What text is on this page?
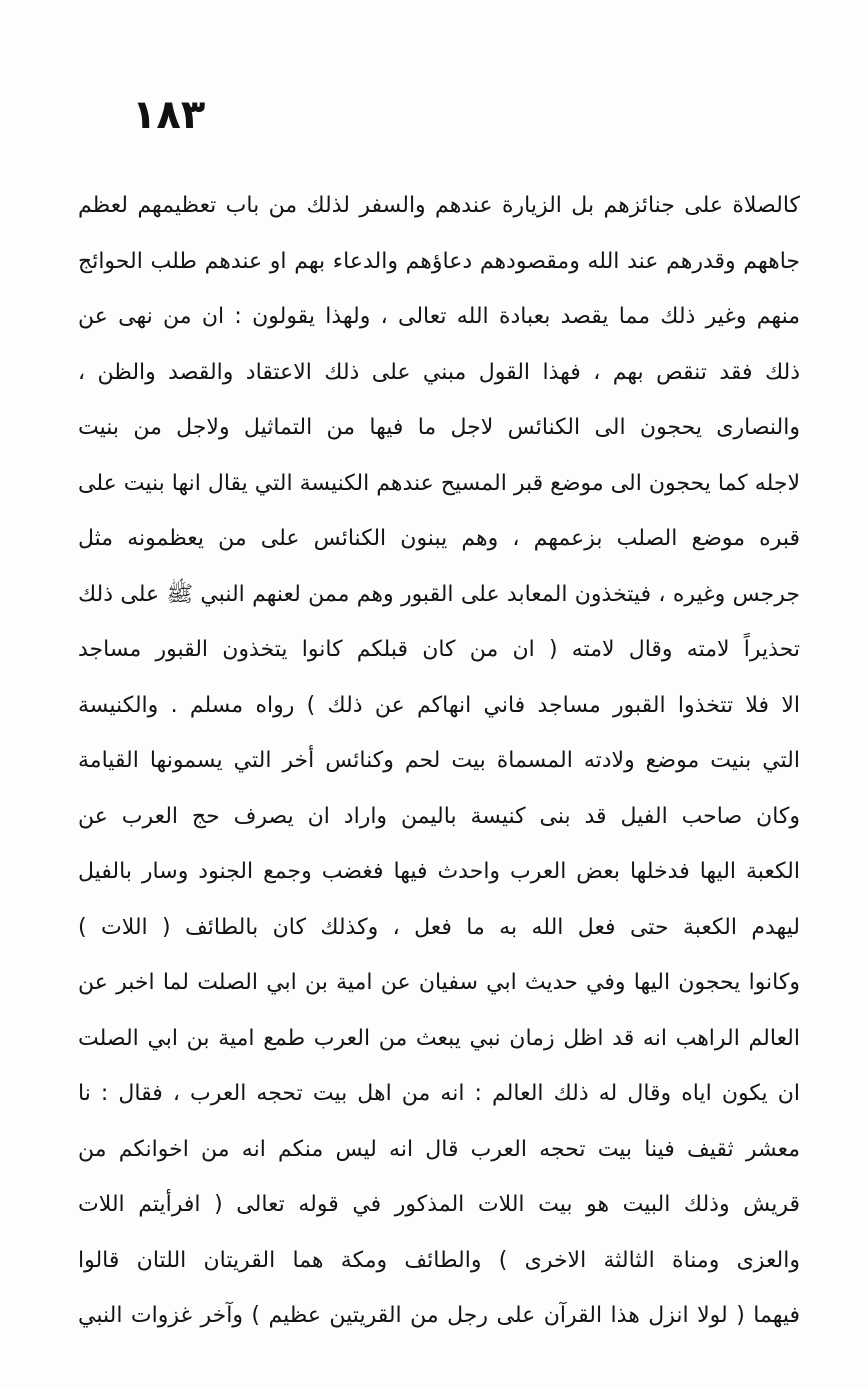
١٨٣
كالصلاة على جنائزهم بل الزيارة عندهم والسفر لذلك من باب تعظيمهم لعظم
جاههم وقدرهم عند الله ومقصودهم دعاؤهم والدعاء بهم او عندهم طلب الحوائج
منهم وغير ذلك مما يقصد بعبادة الله تعالى ، ولهذا يقولون : ان من نهى عن
ذلك فقد تنقص بهم ، فهذا القول مبني على ذلك الاعتقاد والقصد والظن ،
والنصارى يحجون الى الكنائس لاجل ما فيها من التماثيل ولاجل من بنيت
لاجله كما يحجون الى موضع قبر المسيح عندهم الكنيسة التي يقال انها بنيت على
قبره موضع الصلب بزعمهم ، وهم يبنون الكنائس على من يعظمونه مثل
جرجس وغيره ، فيتخذون المعابد على القبور وهم ممن لعنهم النبي ﷺ على ذلك
تحذيراً لامته وقال لامته ( ان من كان قبلكم كانوا يتخذون القبور مساجد
الا فلا تتخذوا القبور مساجد فاني انهاكم عن ذلك ) رواه مسلم . والكنيسة
التي بنيت موضع ولادته المسماة بيت لحم وكنائس أخر التي يسمونها القيامة
وكان صاحب الفيل قد بنى كنيسة باليمن واراد ان يصرف حج العرب عن
الكعبة اليها فدخلها بعض العرب واحدث فيها فغضب وجمع الجنود وسار بالفيل
ليهدم الكعبة حتى فعل الله به ما فعل ، وكذلك كان بالطائف ( اللات )
وكانوا يحجون اليها وفي حديث ابي سفيان عن امية بن ابي الصلت لما اخبر عن
العالم الراهب انه قد اظل زمان نبي يبعث من العرب طمع امية بن ابي الصلت
ان يكون اياه وقال له ذلك العالم : انه من اهل بيت تحجه العرب ، فقال : نا
معشر ثقيف فينا بيت تحجه العرب قال انه ليس منكم انه من اخوانكم من
قريش وذلك البيت هو بيت اللات المذكور في قوله تعالى ( افرأيتم اللات
والعزى ومناة الثالثة الاخرى ) والطائف ومكة هما القريتان اللتان قالوا
فيهما ( لولا انزل هذا القرآن على رجل من القريتين عظيم ) وآخر غزوات النبي
